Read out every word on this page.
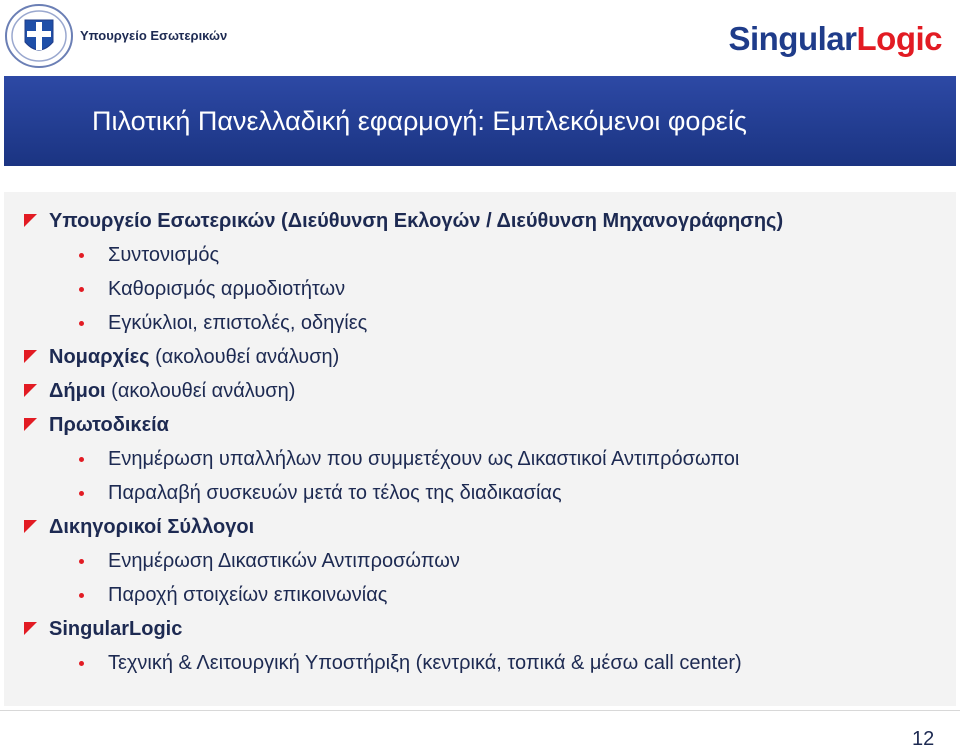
Υπουργείο Εσωτερικών	SingularLogic
Πιλοτική Πανελλαδική εφαρμογή: Εμπλεκόμενοι φορείς
Υπουργείο Εσωτερικών (Διεύθυνση Εκλογών / Διεύθυνση Μηχανογράφησης)
Συντονισμός
Καθορισμός αρμοδιοτήτων
Εγκύκλιοι, επιστολές, οδηγίες
Νομαρχίες (ακολουθεί ανάλυση)
Δήμοι (ακολουθεί ανάλυση)
Πρωτοδικεία
Ενημέρωση υπαλλήλων που συμμετέχουν ως Δικαστικοί Αντιπρόσωποι
Παραλαβή συσκευών μετά το τέλος της διαδικασίας
Δικηγορικοί Σύλλογοι
Ενημέρωση Δικαστικών Αντιπροσώπων
Παροχή στοιχείων επικοινωνίας
SingularLogic
Τεχνική & Λειτουργική Υποστήριξη (κεντρικά, τοπικά & μέσω call center)
12
